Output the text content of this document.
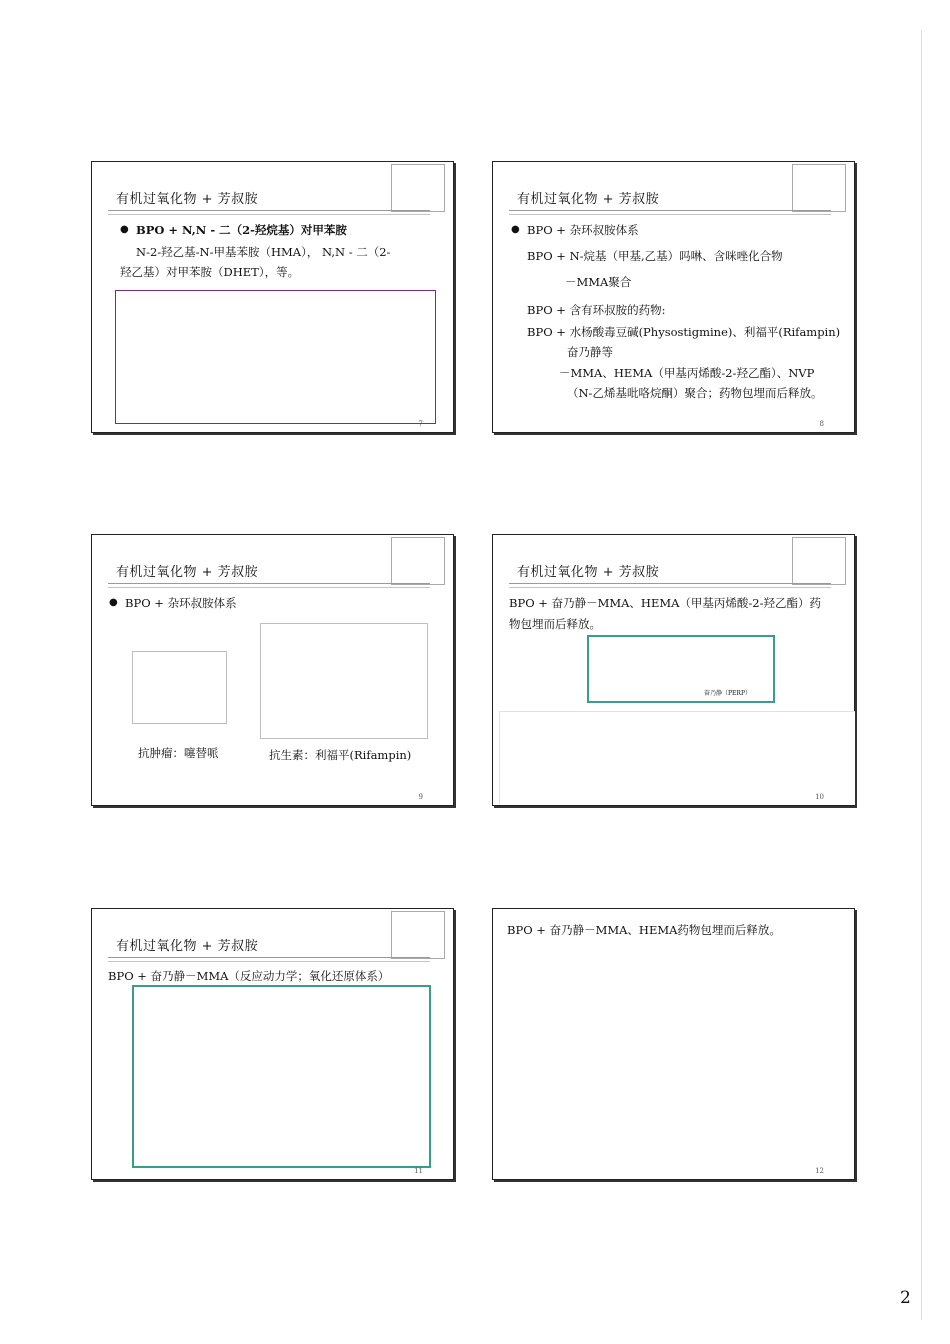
有机过氧化物 + 芳叔胺
● BPO + N,N - 二（2-羟烷基）对甲苯胺
N-2-羟乙基-N-甲基苯胺（HMA）， N,N - 二（2-
羟乙基）对甲苯胺（DHET），等。
7
有机过氧化物 + 芳叔胺
● BPO + 杂环叔胺体系
BPO + N-烷基（甲基,乙基）吗啉、含咪唑化合物
－MMA聚合
BPO + 含有环叔胺的药物:
BPO + 水杨酸毒豆碱(Physostigmine)、利福平(Rifampin)
奋乃静等
－MMA、HEMA（甲基丙烯酸-2-羟乙酯）、NVP
（N-乙烯基吡咯烷酮）聚合；药物包埋而后释放。
8
有机过氧化物 + 芳叔胺
● BPO + 杂环叔胺体系
抗肿瘤：噻替哌	抗生素：利福平(Rifampin)
9
有机过氧化物 + 芳叔胺
BPO + 奋乃静－MMA、HEMA（甲基丙烯酸-2-羟乙酯）药
物包埋而后释放。
奋乃静（PERP）
10
有机过氧化物 + 芳叔胺
BPO + 奋乃静－MMA（反应动力学；氧化还原体系）
11
BPO + 奋乃静－MMA、HEMA药物包埋而后释放。
12
2
